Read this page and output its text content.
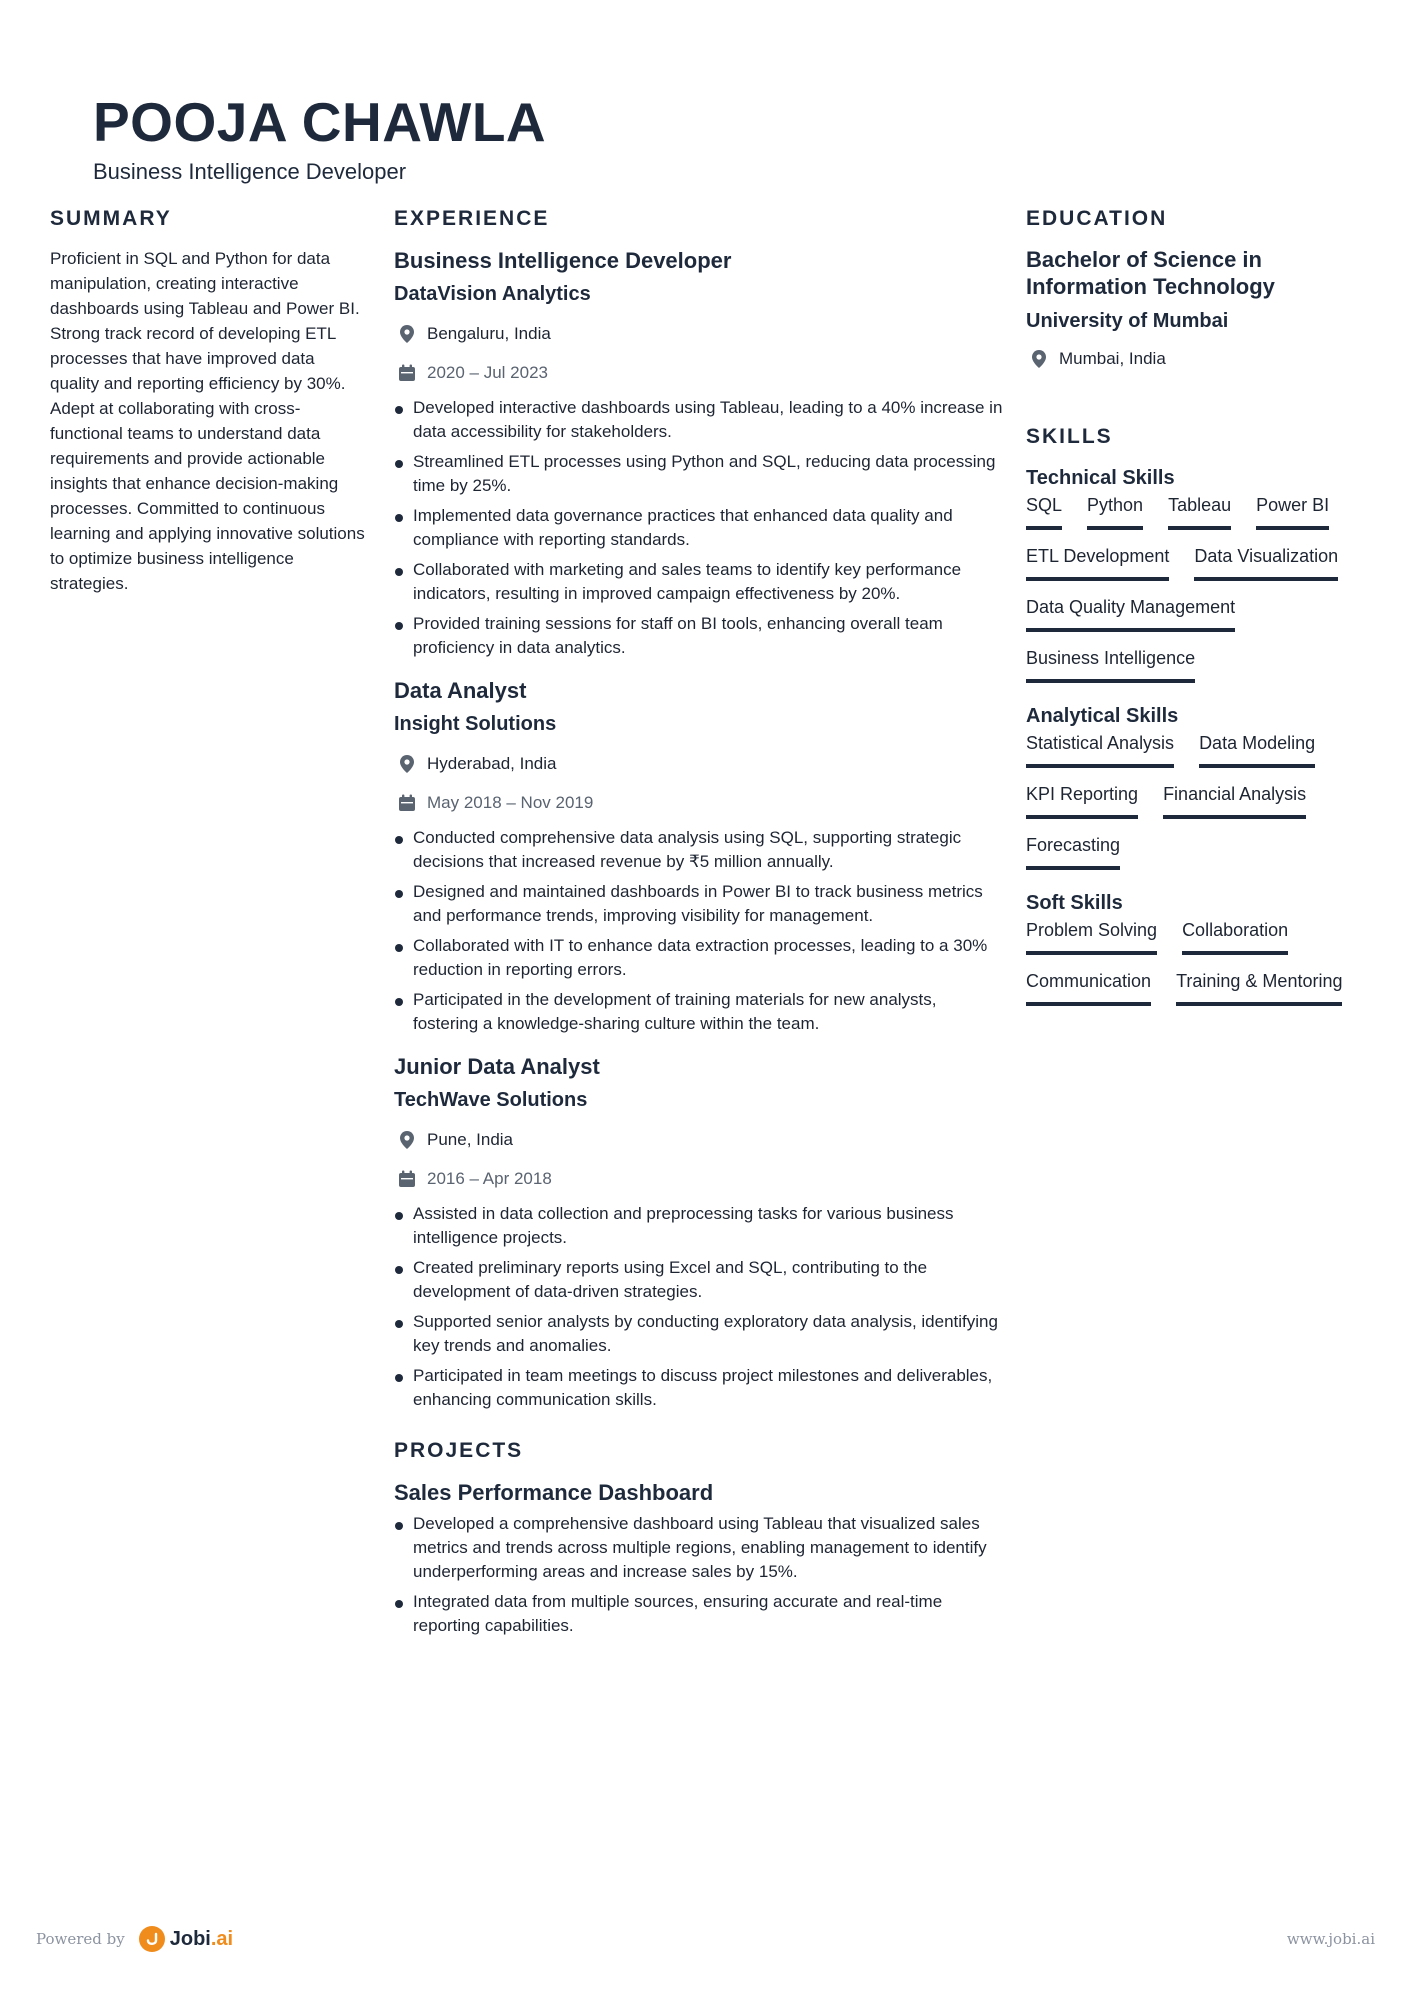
POOJA CHAWLA
Business Intelligence Developer
SUMMARY

Proficient in SQL and Python for data manipulation, creating interactive dashboards using Tableau and Power BI. Strong track record of developing ETL processes that have improved data quality and reporting efficiency by 30%. Adept at collaborating with cross-functional teams to understand data requirements and provide actionable insights that enhance decision-making processes. Committed to continuous learning and applying innovative solutions to optimize business intelligence strategies.

EXPERIENCE
Business Intelligence Developer
DataVision Analytics
Bengaluru, India
2020 – Jul 2023
Developed interactive dashboards using Tableau, leading to a 40% increase in data accessibility for stakeholders.
Streamlined ETL processes using Python and SQL, reducing data processing time by 25%.
Implemented data governance practices that enhanced data quality and compliance with reporting standards.
Collaborated with marketing and sales teams to identify key performance indicators, resulting in improved campaign effectiveness by 20%.
Provided training sessions for staff on BI tools, enhancing overall team proficiency in data analytics.
Data Analyst
Insight Solutions
Hyderabad, India
May 2018 – Nov 2019
Conducted comprehensive data analysis using SQL, supporting strategic decisions that increased revenue by ₹5 million annually.
Designed and maintained dashboards in Power BI to track business metrics and performance trends, improving visibility for management.
Collaborated with IT to enhance data extraction processes, leading to a 30% reduction in reporting errors.
Participated in the development of training materials for new analysts, fostering a knowledge-sharing culture within the team.
Junior Data Analyst
TechWave Solutions
Pune, India
2016 – Apr 2018
Assisted in data collection and preprocessing tasks for various business intelligence projects.
Created preliminary reports using Excel and SQL, contributing to the development of data-driven strategies.
Supported senior analysts by conducting exploratory data analysis, identifying key trends and anomalies.
Participated in team meetings to discuss project milestones and deliverables, enhancing communication skills.
PROJECTS
Sales Performance Dashboard
Developed a comprehensive dashboard using Tableau that visualized sales metrics and trends across multiple regions, enabling management to identify underperforming areas and increase sales by 15%.
Integrated data from multiple sources, ensuring accurate and real-time reporting capabilities.
EDUCATION
Bachelor of Science in Information Technology
University of Mumbai
Mumbai, India
SKILLS
Technical Skills
SQL Python Tableau Power BI
ETL Development Data Visualization
Data Quality Management
Business Intelligence
Analytical Skills
Statistical Analysis Data Modeling
KPI Reporting Financial Analysis
Forecasting
Soft Skills
Problem Solving Collaboration
Communication Training & Mentoring
Powered by Jobi.ai	www.jobi.ai
